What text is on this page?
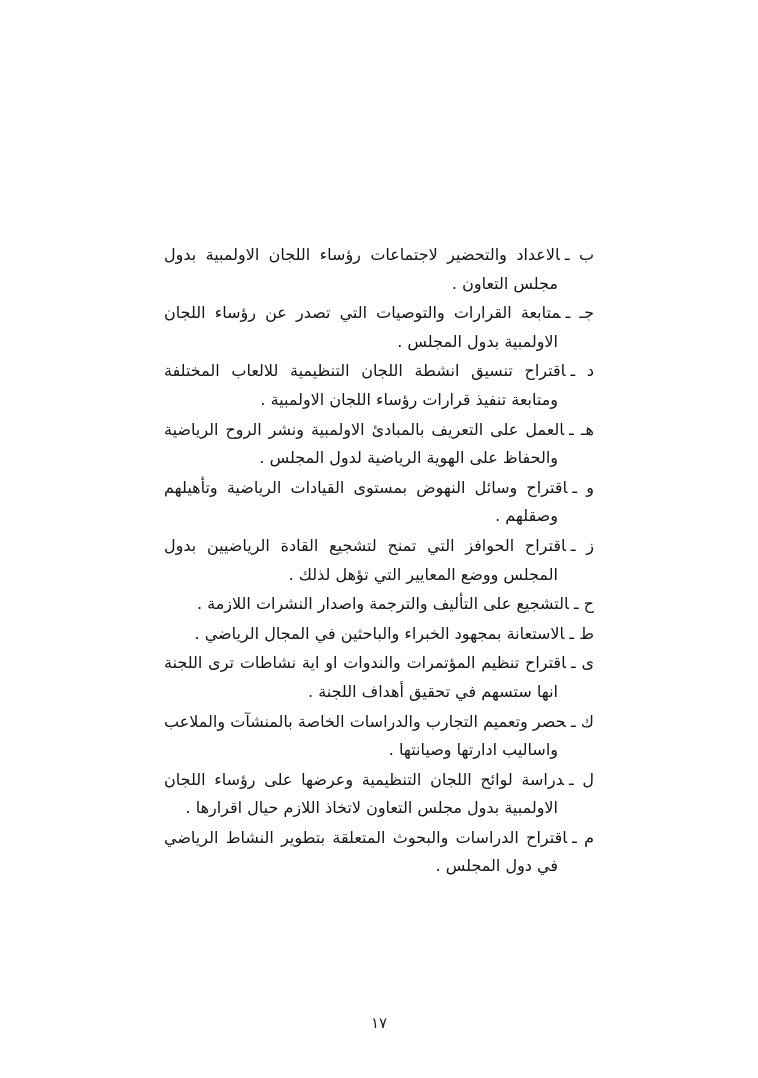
ب ـالاعداد والتحضير لاجتماعات رؤساء اللجان الاولمبية بدول مجلس التعاون .

جـ ـمتابعة القرارات والتوصيات التي تصدر عن رؤساء اللجان الاولمبية بدول المجلس .

د ـاقتراح تنسيق انشطة اللجان التنظيمية للالعاب المختلفة ومتابعة تنفيذ قرارات رؤساء اللجان الاولمبية .

هـ ـالعمل على التعريف بالمبادئ الاولمبية ونشر الروح الرياضية والحفاظ على الهوية الرياضية لدول المجلس .

و ـاقتراح وسائل النهوض بمستوى القيادات الرياضية وتأهيلهم وصقلهم .

ز ـاقتراح الحوافز التي تمنح لتشجيع القادة الرياضيين بدول المجلس ووضع المعايير التي تؤهل لذلك .

ح ـالتشجيع على التأليف والترجمة واصدار النشرات اللازمة .

ط ـالاستعانة بمجهود الخبراء والباحثين في المجال الرياضي .

ى ـاقتراح تنظيم المؤتمرات والندوات او اية نشاطات ترى اللجنة انها ستسهم في تحقيق أهداف اللجنة .

ك ـحصر وتعميم التجارب والدراسات الخاصة بالمنشآت والملاعب واساليب ادارتها وصيانتها .

ل ـدراسة لوائح اللجان التنظيمية وعرضها على رؤساء اللجان الاولمبية بدول مجلس التعاون لاتخاذ اللازم حيال اقرارها .

م ـاقتراح الدراسات والبحوث المتعلقة بتطوير النشاط الرياضي في دول المجلس .

١٧
